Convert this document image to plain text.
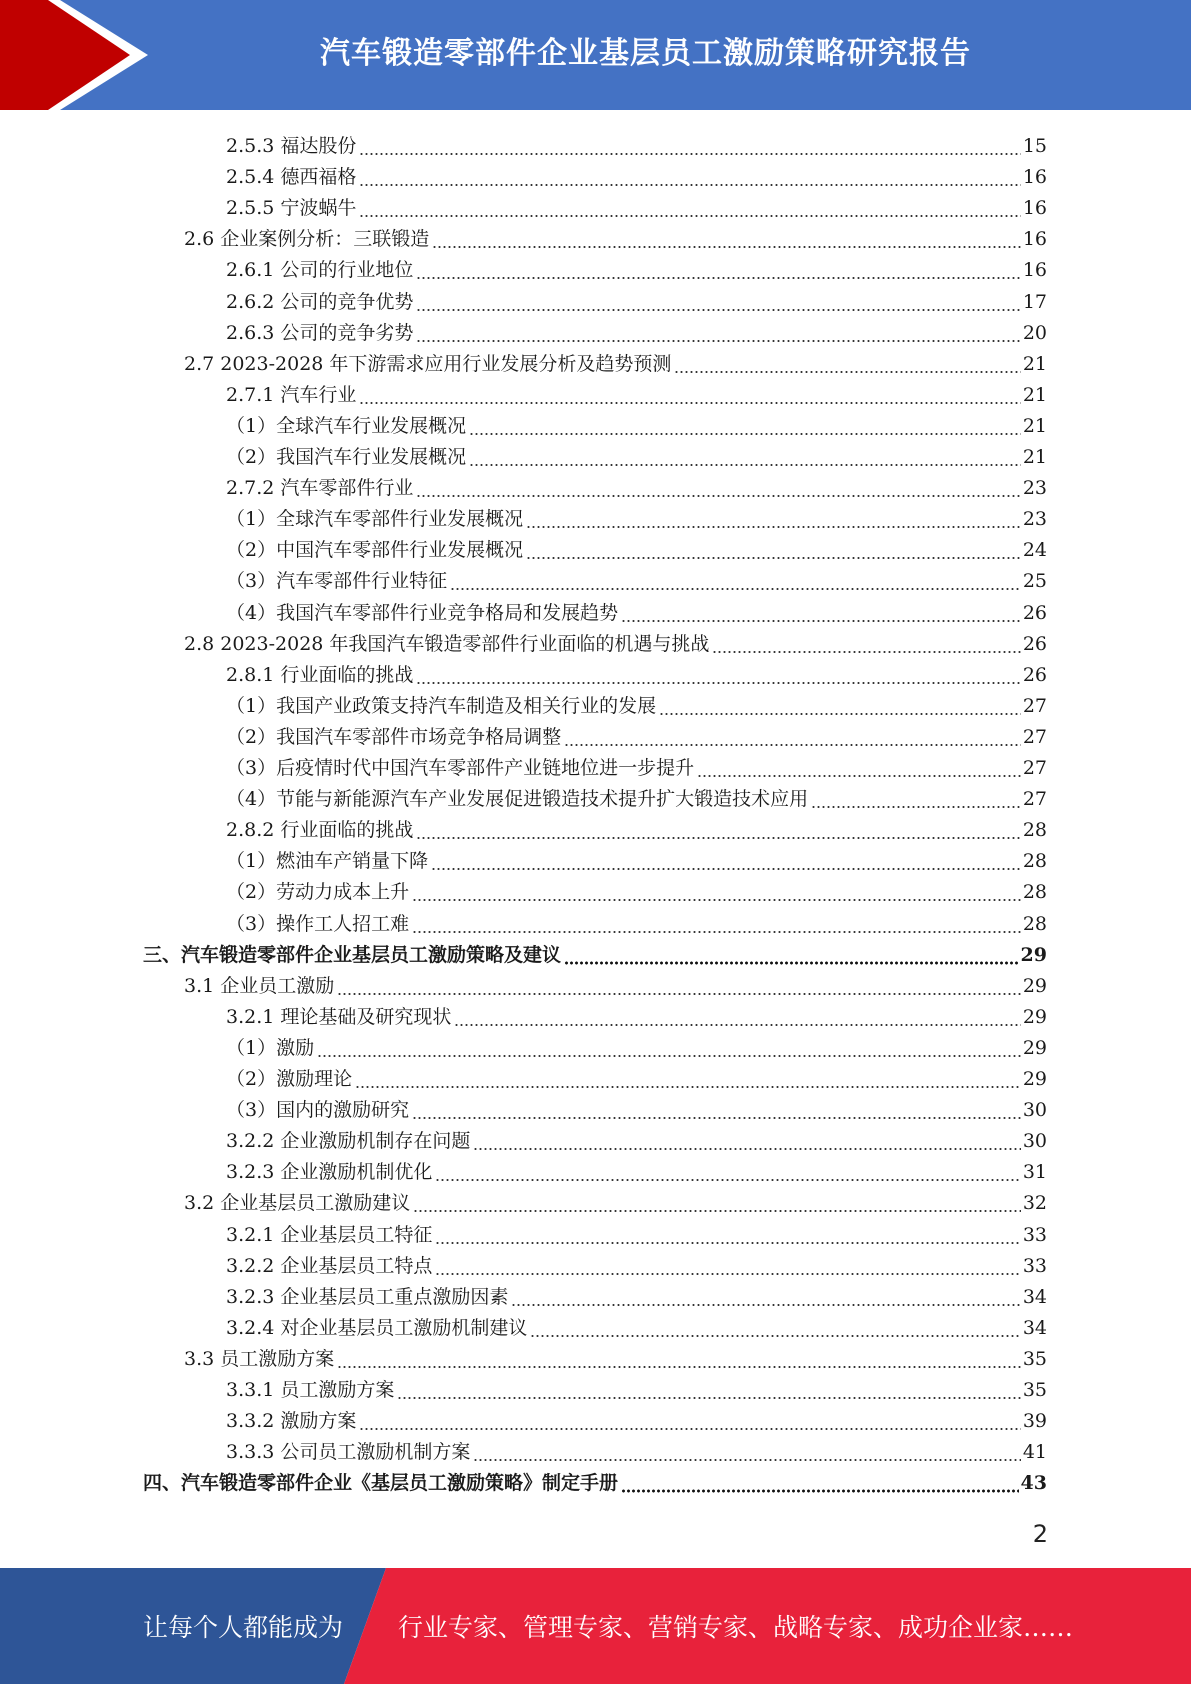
汽车锻造零部件企业基层员工激励策略研究报告
2.5.3 福达股份	15
2.5.4 德西福格	16
2.5.5 宁波蜗牛	16
2.6 企业案例分析：三联锻造	16
2.6.1 公司的行业地位	16
2.6.2 公司的竞争优势	17
2.6.3 公司的竞争劣势	20
2.7 2023-2028 年下游需求应用行业发展分析及趋势预测	21
2.7.1 汽车行业	21
（1）全球汽车行业发展概况	21
（2）我国汽车行业发展概况	21
2.7.2 汽车零部件行业	23
（1）全球汽车零部件行业发展概况	23
（2）中国汽车零部件行业发展概况	24
（3）汽车零部件行业特征	25
（4）我国汽车零部件行业竞争格局和发展趋势	26
2.8 2023-2028 年我国汽车锻造零部件行业面临的机遇与挑战	26
2.8.1 行业面临的挑战	26
（1）我国产业政策支持汽车制造及相关行业的发展	27
（2）我国汽车零部件市场竞争格局调整	27
（3）后疫情时代中国汽车零部件产业链地位进一步提升	27
（4）节能与新能源汽车产业发展促进锻造技术提升扩大锻造技术应用	27
2.8.2 行业面临的挑战	28
（1）燃油车产销量下降	28
（2）劳动力成本上升	28
（3）操作工人招工难	28
三、汽车锻造零部件企业基层员工激励策略及建议	29
3.1 企业员工激励	29
3.2.1 理论基础及研究现状	29
（1）激励	29
（2）激励理论	29
（3）国内的激励研究	30
3.2.2 企业激励机制存在问题	30
3.2.3 企业激励机制优化	31
3.2 企业基层员工激励建议	32
3.2.1 企业基层员工特征	33
3.2.2 企业基层员工特点	33
3.2.3 企业基层员工重点激励因素	34
3.2.4 对企业基层员工激励机制建议	34
3.3 员工激励方案	35
3.3.1 员工激励方案	35
3.3.2 激励方案	39
3.3.3 公司员工激励机制方案	41
四、汽车锻造零部件企业《基层员工激励策略》制定手册	43
2
让每个人都能成为 行业专家、管理专家、营销专家、战略专家、成功企业家……
